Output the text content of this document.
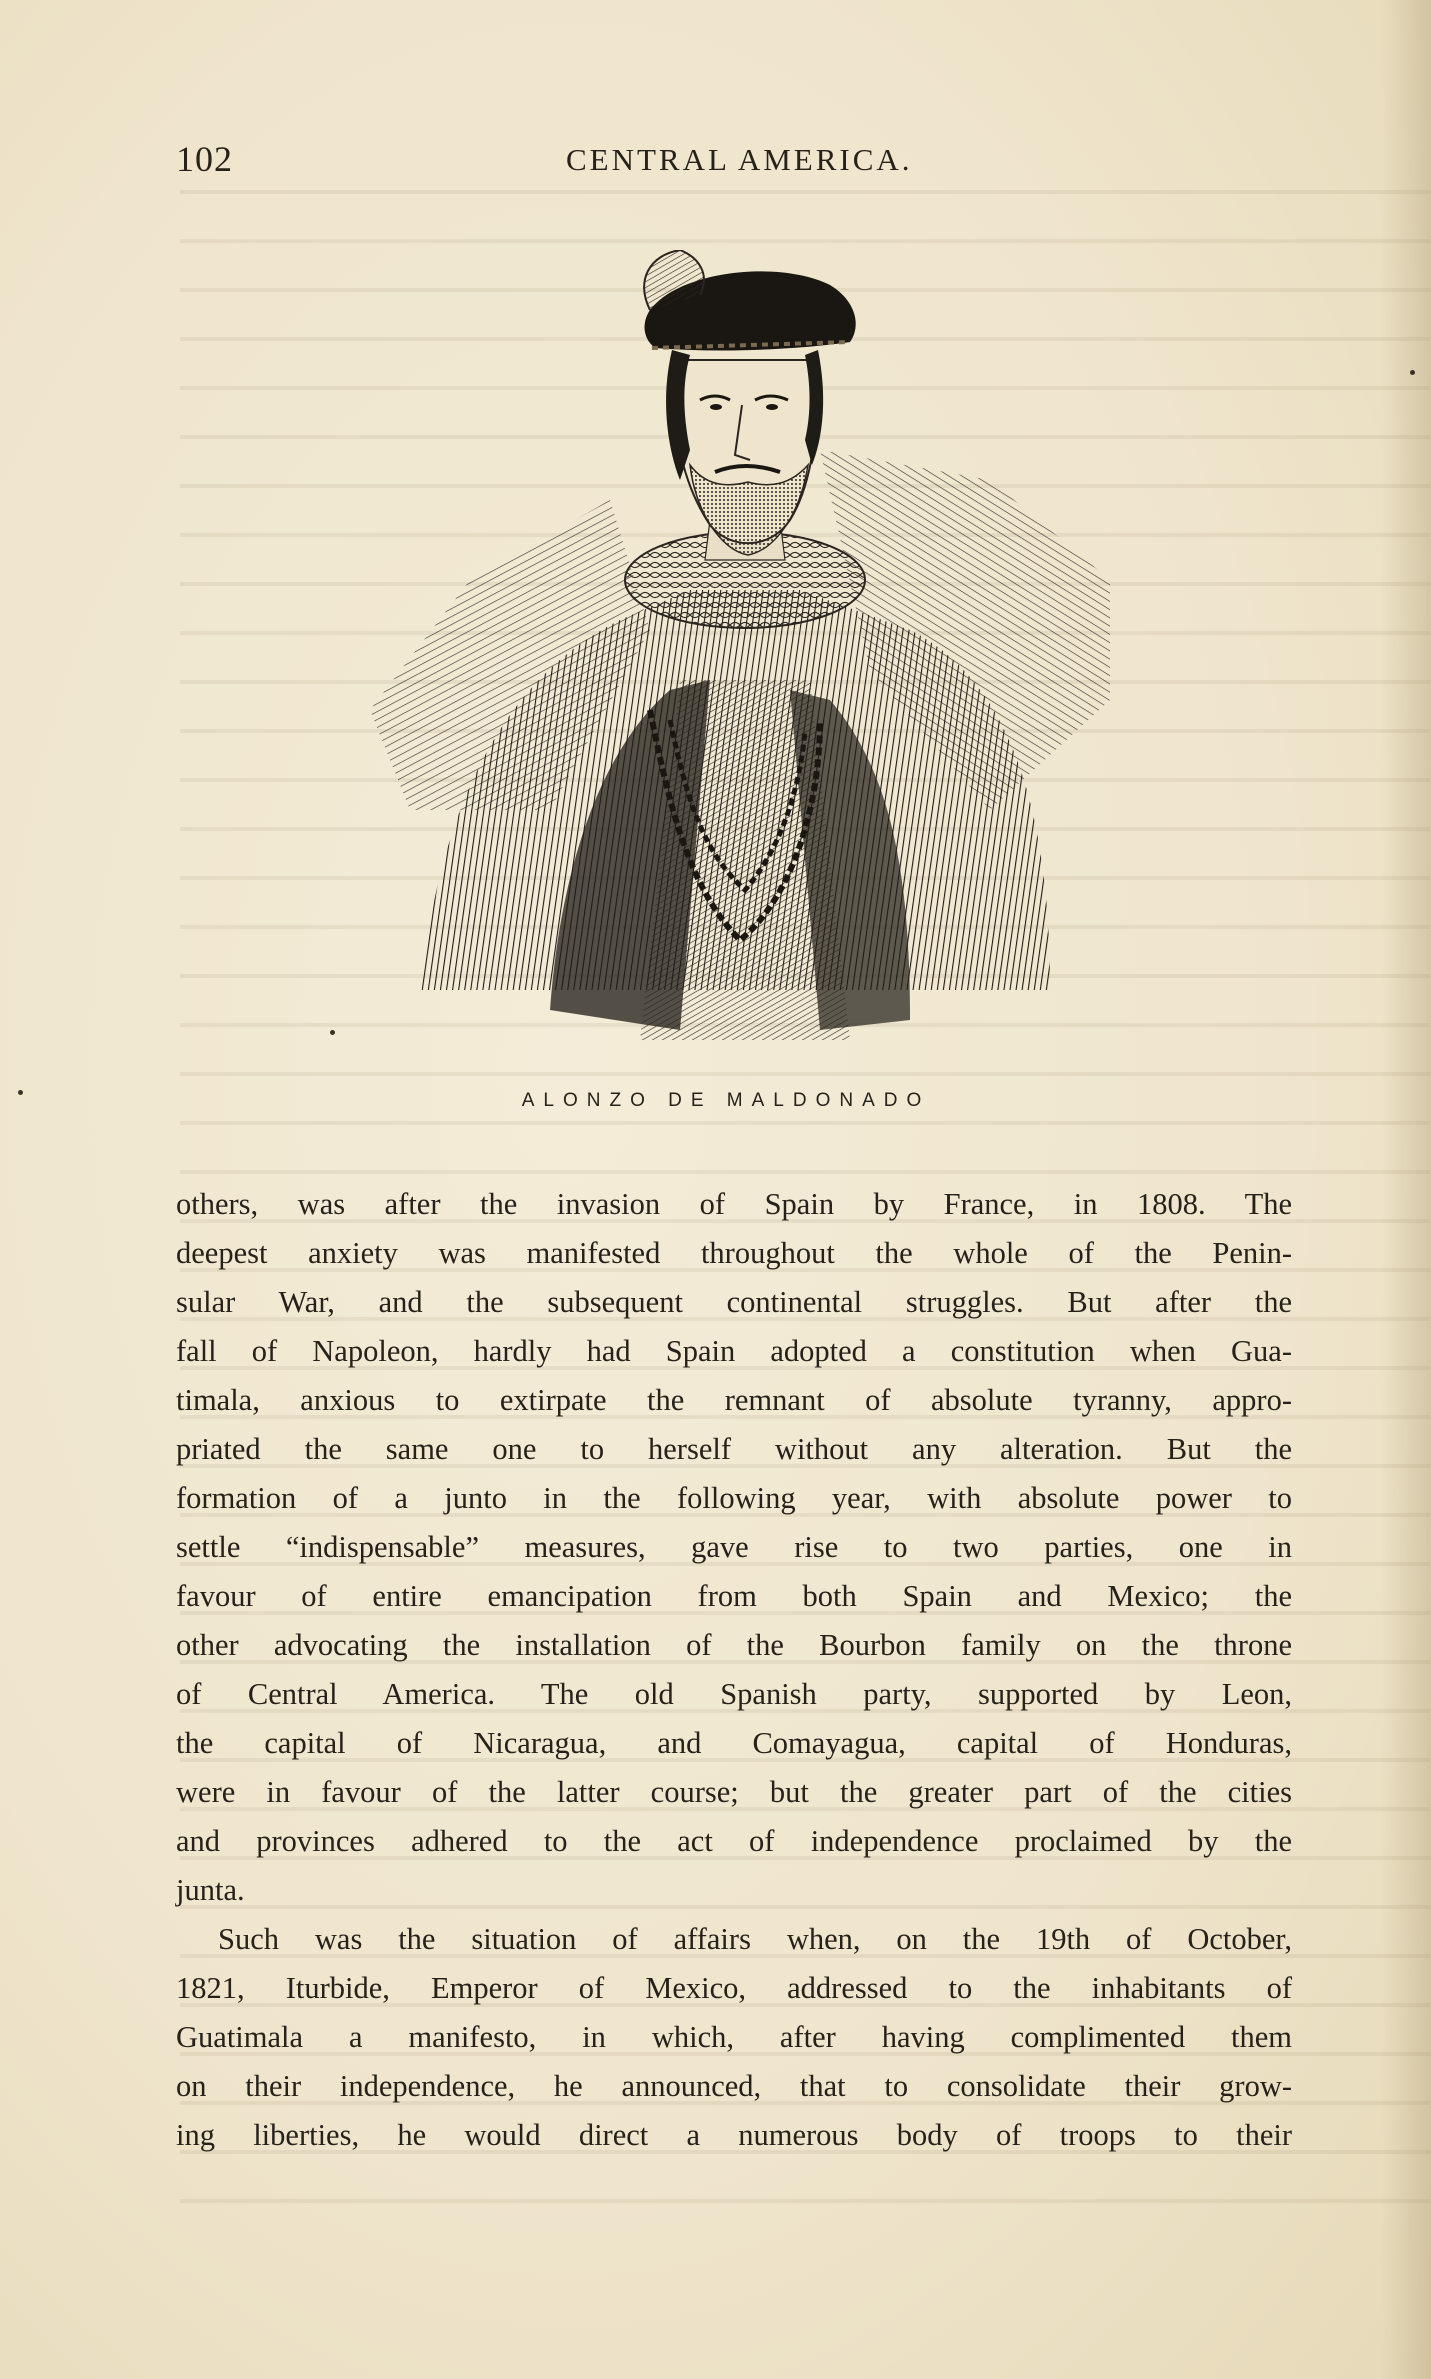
102	CENTRAL AMERICA.
ALONZO DE MALDONADO
others, was after the invasion of Spain by France, in 1808. The
deepest anxiety was manifested throughout the whole of the Penin-
sular War, and the subsequent continental struggles. But after the
fall of Napoleon, hardly had Spain adopted a constitution when Gua-
timala, anxious to extirpate the remnant of absolute tyranny, appro-
priated the same one to herself without any alteration. But the
formation of a junto in the following year, with absolute power to
settle “indispensable” measures, gave rise to two parties, one in
favour of entire emancipation from both Spain and Mexico; the
other advocating the installation of the Bourbon family on the throne
of Central America. The old Spanish party, supported by Leon,
the capital of Nicaragua, and Comayagua, capital of Honduras,
were in favour of the latter course; but the greater part of the cities
and provinces adhered to the act of independence proclaimed by the
junta.
Such was the situation of affairs when, on the 19th of October,
1821, Iturbide, Emperor of Mexico, addressed to the inhabitants of
Guatimala a manifesto, in which, after having complimented them
on their independence, he announced, that to consolidate their grow-
ing liberties, he would direct a numerous body of troops to their
